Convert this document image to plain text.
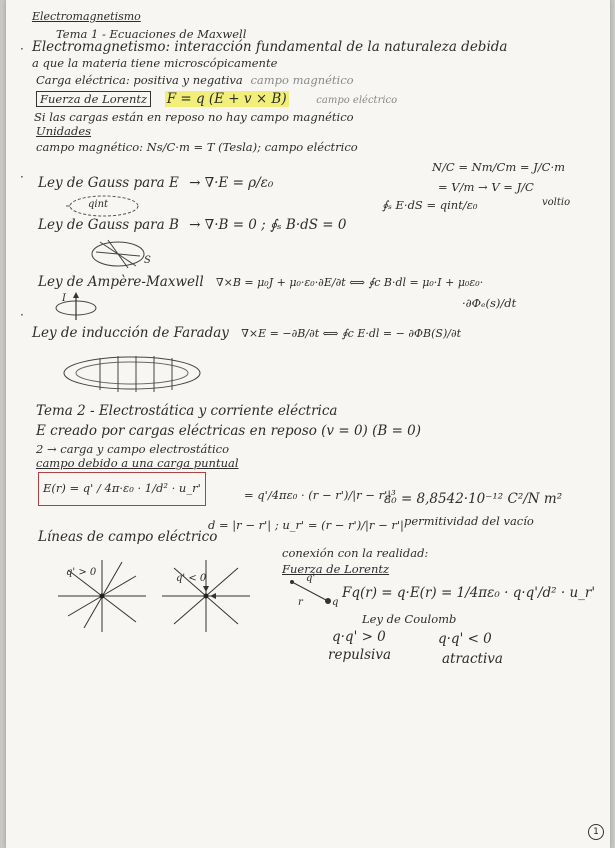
Electromagnetismo
Tema 1 - Ecuaciones de Maxwell
· Electromagnetismo: interacción fundamental de la naturaleza debida
a que la materia tiene microscópicamente
Carga eléctrica: positiva y negativa campo magnético
Fuerza de Lorentz F = q (E + v × B)	campo eléctrico
Si las cargas están en reposo no hay campo magnético
Unidades
campo magnético: Ns/C·m = T (Tesla); campo eléctrico
N/C = Nm/Cm = J/C·m
= V/m → V = J/C
voltio
· Ley de Gauss para E → ∇·E = ρ/ε₀
∮ₛ E·dS = qint/ε₀
qint
Ley de Gauss para B → ∇·B = 0 ; ∮ₛ B·dS = 0
S
Ley de Ampère-Maxwell ∇×B = μ₀J + μ₀·ε₀·∂E/∂t ⟺ ∮c B·dl = μ₀·I + μ₀ε₀·
·∂Φₑ(s)/dt
I
·
Ley de inducción de Faraday ∇×E = −∂B/∂t ⟺ ∮c E·dl = − ∂ΦB(S)/∂t
Tema 2 - Electrostática y corriente eléctrica
E creado por cargas eléctricas en reposo (v = 0) (B = 0)
2 → carga y campo electrostático
campo debido a una carga puntual
E(r) = q' / 4π·ε₀ · 1/d² · u_r'	= q'/4πε₀ · (r − r')/|r − r'|³
ε₀ = 8,8542·10⁻¹² C²/N m²
permitividad del vacío
d = |r − r'| ; u_r' = (r − r')/|r − r'|
Líneas de campo eléctrico
conexión con la realidad:
Fuerza de Lorentz
q' > 0
q' < 0	q'
r	q
Fq(r) = q·E(r) = 1/4πε₀ · q·q'/d² · u_r'
Ley de Coulomb
q·q' > 0	q·q' < 0
repulsiva	atractiva
1
